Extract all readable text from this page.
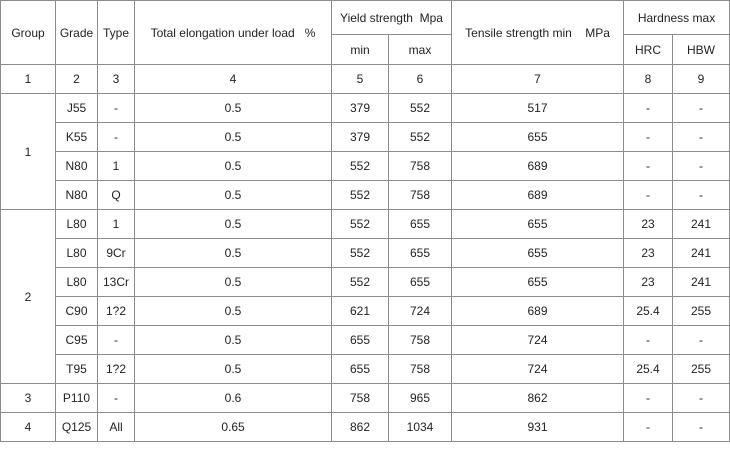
Group	Grade	Type	Total elongation under load   %	Yield strength  Mpa		Tensile strength min    MPa	Hardness max	
				min	max		HRC	HBW
1	2	3	4	5	6	7	8	9
1	J55	-	0.5	379	552	517	-	-
	K55	-	0.5	379	552	655	-	-
	N80	1	0.5	552	758	689	-	-
	N80	Q	0.5	552	758	689	-	-
2	L80	1	0.5	552	655	655	23	241
	L80	9Cr	0.5	552	655	655	23	241
	L80	13Cr	0.5	552	655	655	23	241
	C90	1?2	0.5	621	724	689	25.4	255
	C95	-	0.5	655	758	724	-	-
	T95	1?2	0.5	655	758	724	25.4	255
3	P110	-	0.6	758	965	862	-	-
4	Q125	All	0.65	862	1034	931	-	-
